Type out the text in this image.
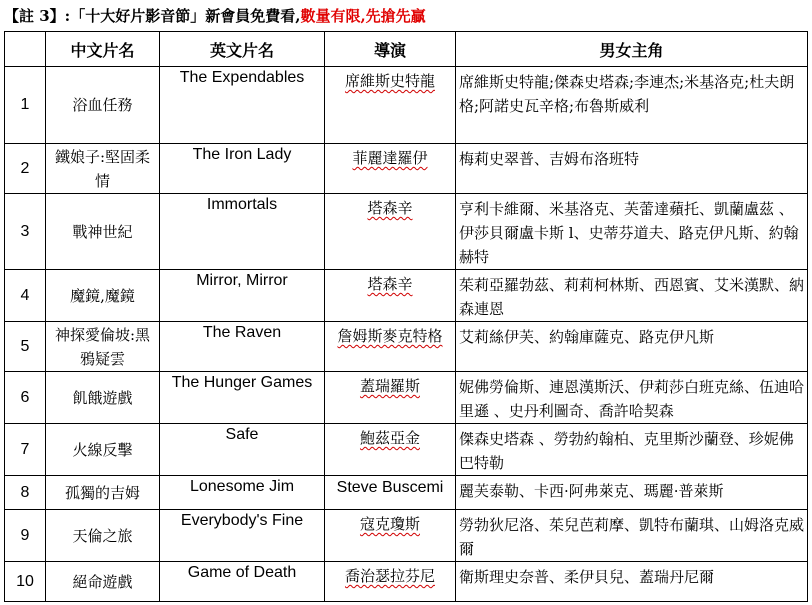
【註 3】:「十大好片影音節」新會員免費看,數量有限,先搶先贏
	中文片名	英文片名	導演	男女主角
1	浴血任務	The Expendables	席維斯史特龍	席維斯史特龍;傑森史塔森;李連杰;米基洛克;杜夫朗格;阿諾史瓦辛格;布魯斯威利
2	鐵娘子:堅固柔情	The Iron Lady	菲麗達羅伊	梅莉史翠普、吉姆布洛班特
3	戰神世紀	Immortals	塔森辛	亨利卡維爾、米基洛克、芙蕾達蘋托、凱蘭盧茲 、伊莎貝爾盧卡斯 l、史蒂芬道夫、路克伊凡斯、約翰赫特
4	魔鏡,魔鏡	Mirror, Mirror	塔森辛	茱莉亞羅勃茲、莉莉柯林斯、西恩賓、艾米漢默、納森連恩
5	神探愛倫坡:黑鴉疑雲	The Raven	詹姆斯麥克特格	艾莉絲伊芙、約翰庫薩克、路克伊凡斯
6	飢餓遊戲	The Hunger Games	蓋瑞羅斯	妮佛勞倫斯、連恩漢斯沃、伊莉莎白班克絲、伍迪哈里遜 、史丹利圖奇、喬許哈契森
7	火線反擊	Safe	鮑茲亞金	傑森史塔森 、勞勃約翰柏、克里斯沙蘭登、珍妮佛巴特勒
8	孤獨的吉姆	Lonesome Jim	Steve Buscemi	麗芙泰勒、卡西·阿弗萊克、瑪麗·普萊斯
9	天倫之旅	Everybody's Fine	寇克瓊斯	勞勃狄尼洛、茱兒芭莉摩、凱特布蘭琪、山姆洛克威爾
10	絕命遊戲	Game of Death	喬治瑟拉芬尼	衛斯理史奈普、柔伊貝兒、蓋瑞丹尼爾
